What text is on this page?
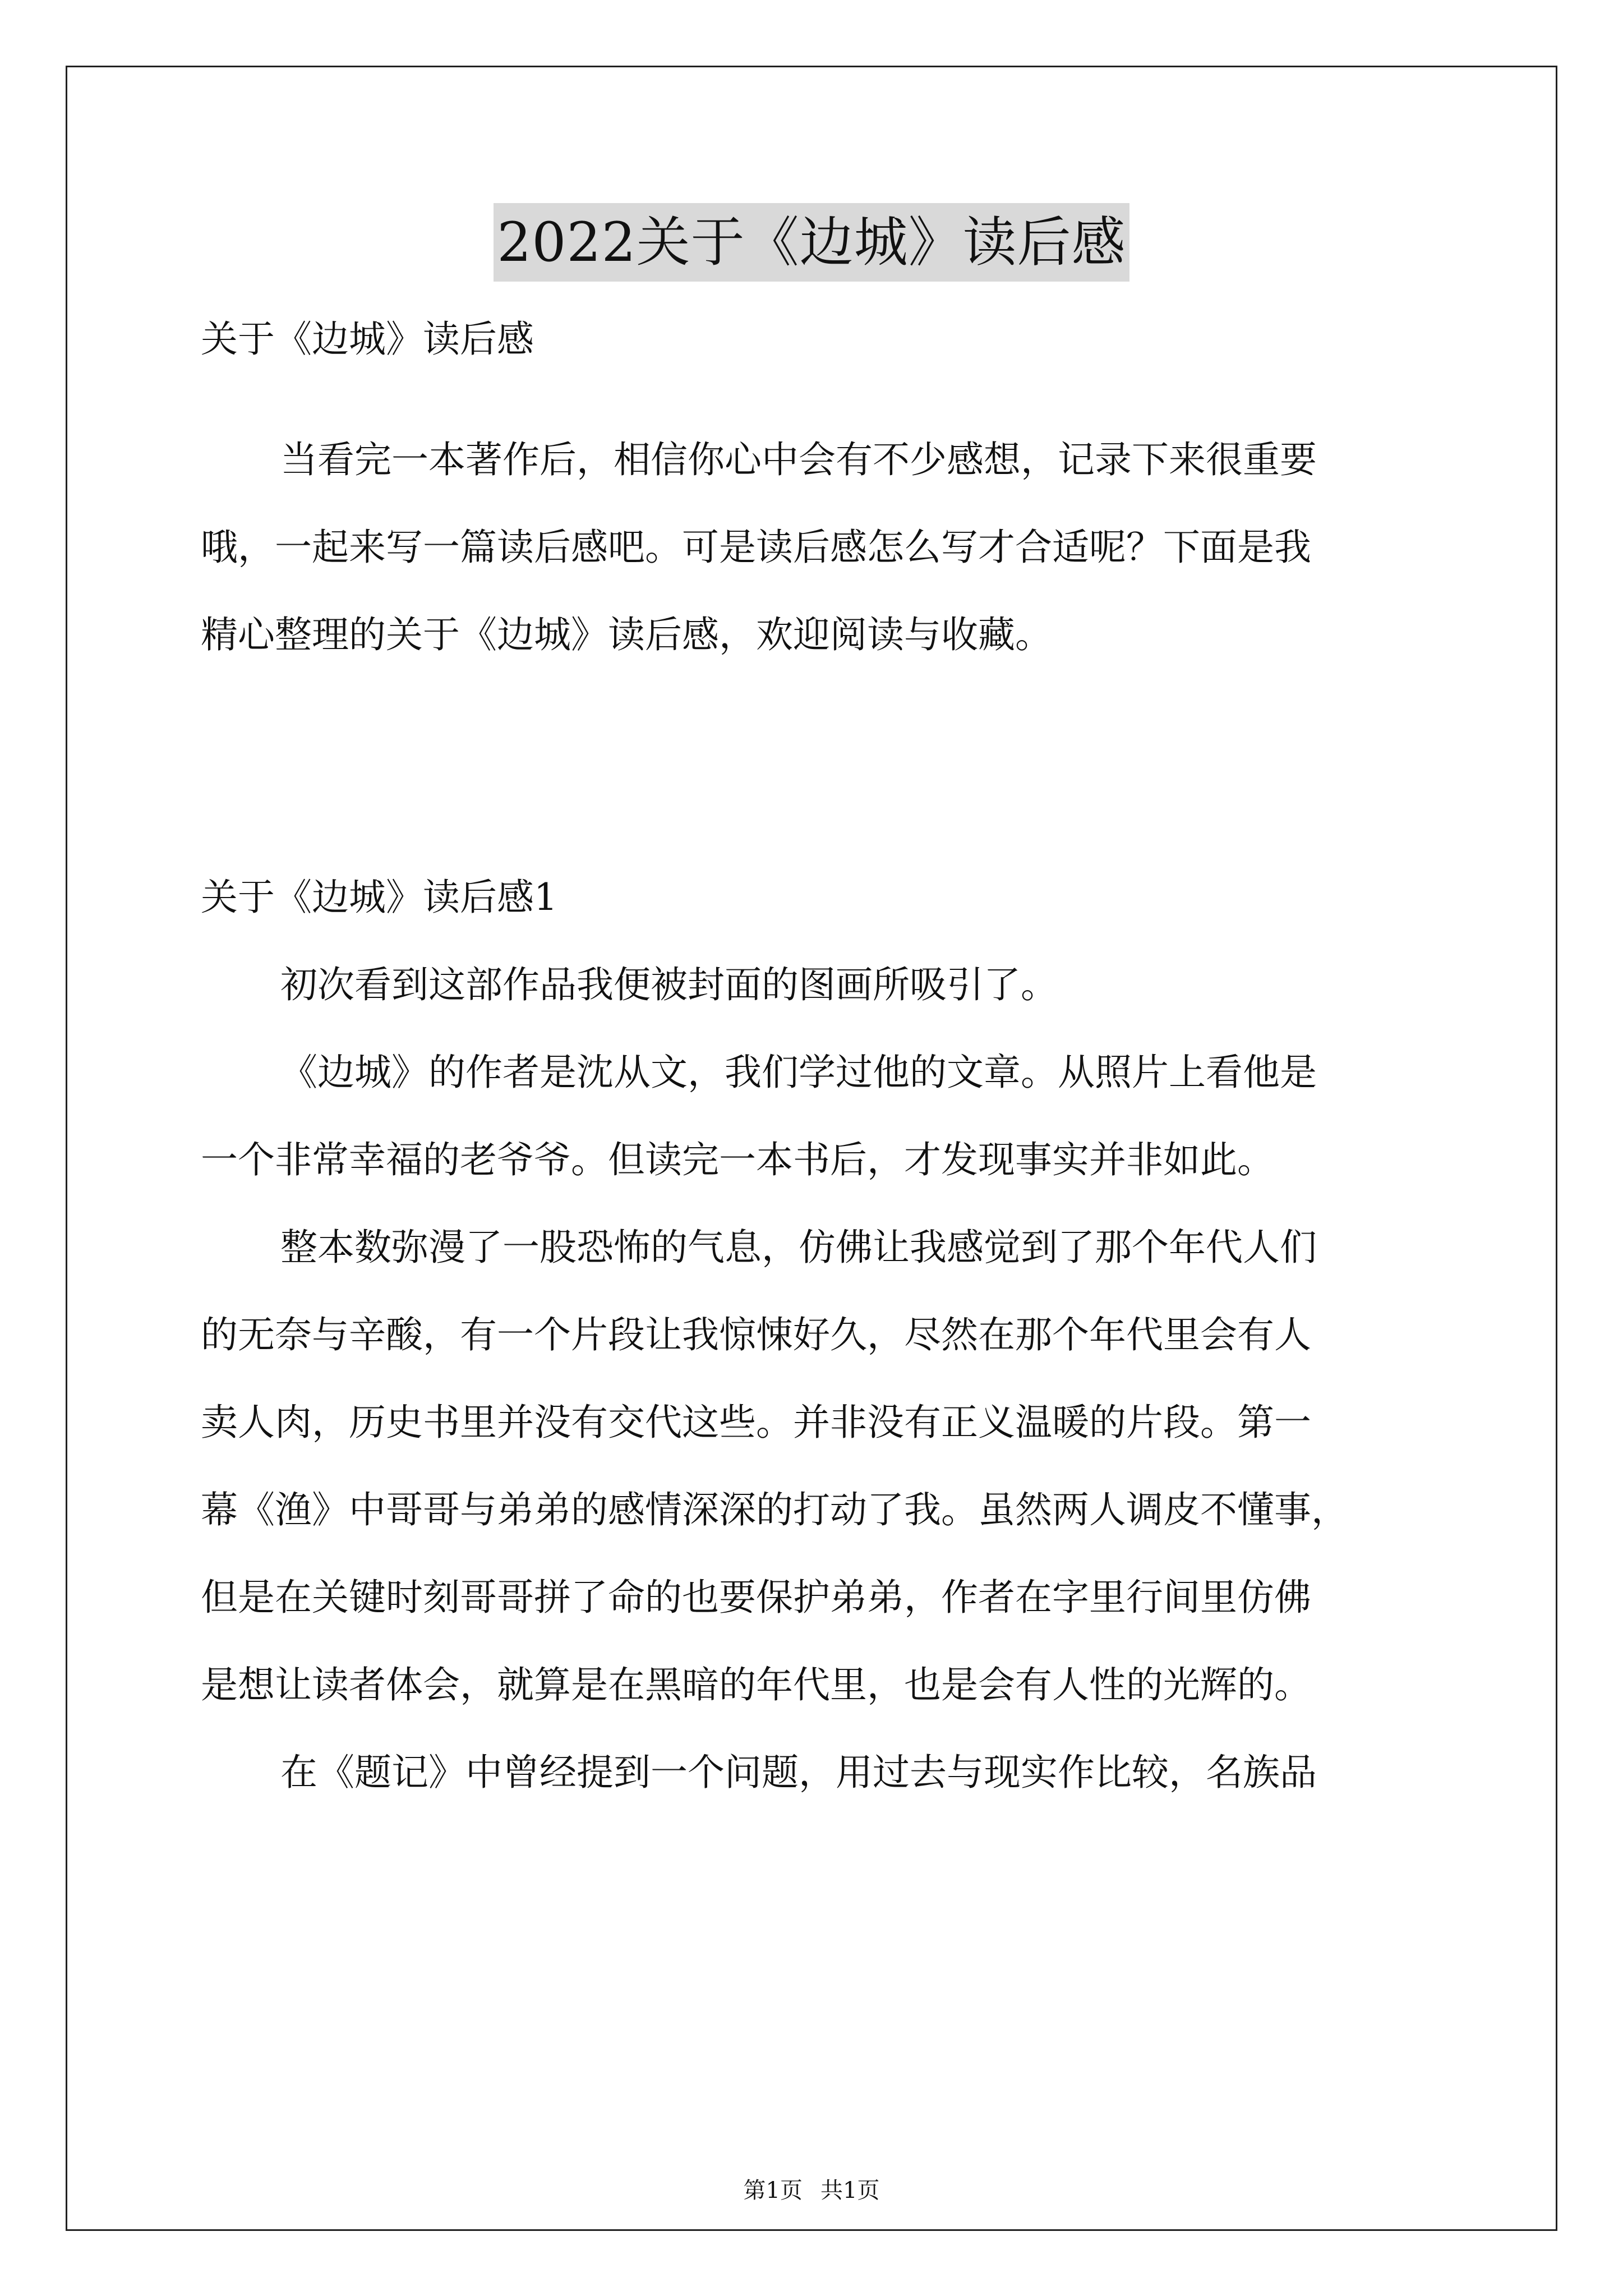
2022关于《边城》读后感
关于《边城》读后感
当看完一本著作后，相信你心中会有不少感想，记录下来很重要
哦，一起来写一篇读后感吧。可是读后感怎么写才合适呢？下面是我
精心整理的关于《边城》读后感，欢迎阅读与收藏。
关于《边城》读后感1
初次看到这部作品我便被封面的图画所吸引了。
《边城》的作者是沈从文，我们学过他的文章。从照片上看他是
一个非常幸福的老爷爷。但读完一本书后，才发现事实并非如此。
整本数弥漫了一股恐怖的气息，仿佛让我感觉到了那个年代人们
的无奈与辛酸，有一个片段让我惊悚好久，尽然在那个年代里会有人
卖人肉，历史书里并没有交代这些。并非没有正义温暖的片段。第一
幕《渔》中哥哥与弟弟的感情深深的打动了我。虽然两人调皮不懂事，
但是在关键时刻哥哥拼了命的也要保护弟弟，作者在字里行间里仿佛
是想让读者体会，就算是在黑暗的年代里，也是会有人性的光辉的。
在《题记》中曾经提到一个问题，用过去与现实作比较，名族品
第1页 共1页
